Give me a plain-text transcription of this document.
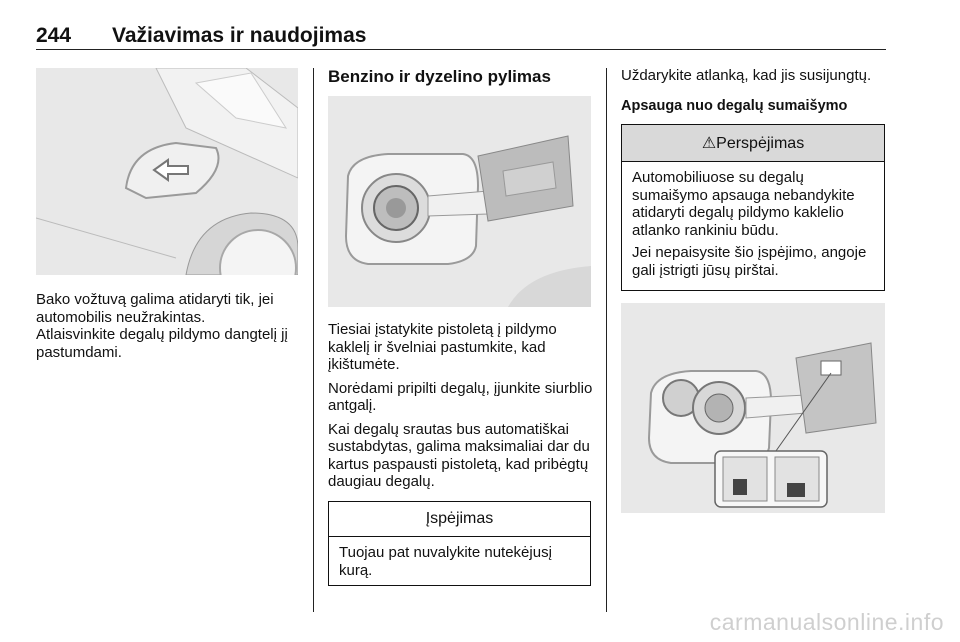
244 Važiavimas ir naudojimas

Bako vožtuvą galima atidaryti tik, jei automobilis neužrakintas.

Atlaisvinkite degalų pildymo dangtelį jį pastumdami.

Benzino ir dyzelino pylimas

Tiesiai įstatykite pistoletą į pildymo kaklelį ir švelniai pastumkite, kad įkištumėte.

Norėdami pripilti degalų, įjunkite siurblio antgalį.

Kai degalų srautas bus automatiškai sustabdytas, galima maksimaliai dar du kartus paspausti pistoletą, kad pribėgtų daugiau degalų.

Įspėjimas
Tuojau pat nuvalykite nutekėjusį kurą.

Uždarykite atlanką, kad jis susijungtų.

Apsauga nuo degalų sumaišymo
⚠Perspėjimas

Automobiliuose su degalų sumaišymo apsauga nebandykite atidaryti degalų pildymo kaklelio atlanko rankiniu būdu.

Jei nepaisysite šio įspėjimo, angoje gali įstrigti jūsų pirštai.

carmanualsonline.info
